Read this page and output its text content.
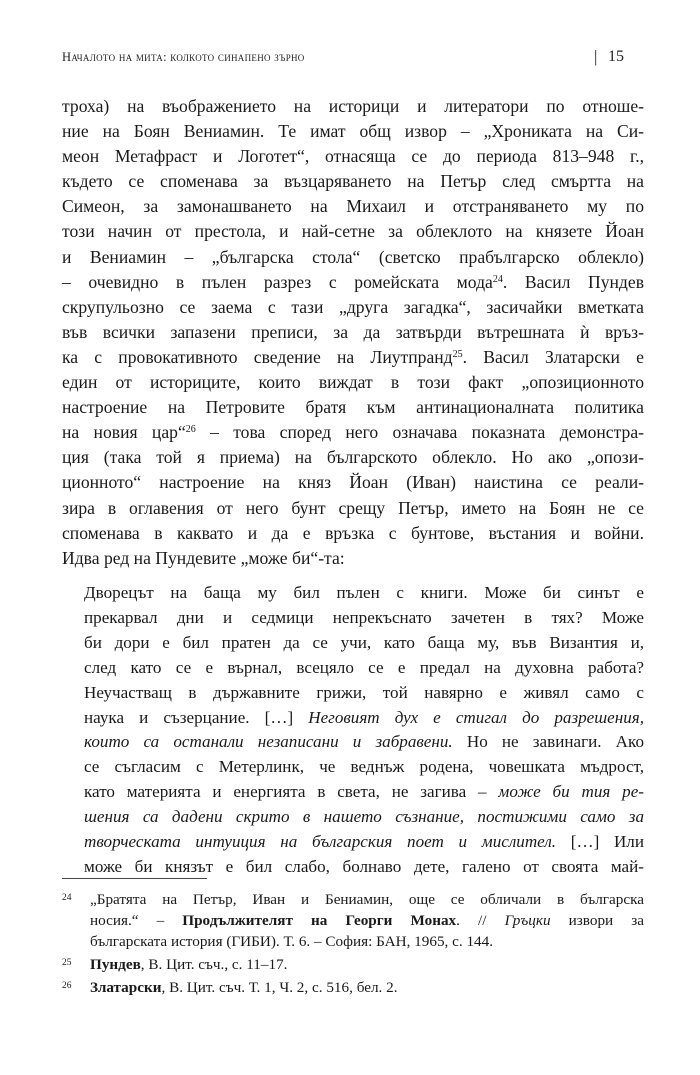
Началото на мита: колкото синапено зърно	| 15
троха) на въображението на историци и литератори по отноше-
ние на Боян Вениамин. Те имат общ извор – „Хрониката на Си-
меон Метафраст и Логотет“, отнасяща се до периода 813–948 г.,
където се споменава за възцаряването на Петър след смъртта на
Симеон, за замонашването на Михаил и отстраняването му по
този начин от престола, и най-сетне за облеклото на князете Йоан
и Вениамин – „българска стола“ (светско прабългарско облекло)
– очевидно в пълен разрез с ромейската мода$^{24}$. Васил Пундев
скрупульозно се заема с тази „друга загадка“, засичайки вметката
във всички запазени преписи, за да затвърди вътрешната ѝ връз-
ка с провокативното сведение на Лиутпранд$^{25}$. Васил Златарски е
един от историците, които виждат в този факт „опозиционното
настроение на Петровите братя към антинационалната политика
на новия цар“$^{26}$ – това според него означава показната демонстра-
ция (така той я приема) на българското облекло. Но ако „опози-
ционното“ настроение на княз Йоан (Иван) наистина се реали-
зира в оглавения от него бунт срещу Петър, името на Боян не се
споменава в каквато и да е връзка с бунтове, въстания и войни.
Идва ред на Пундевите „може би“-та:
Дворецът на баща му бил пълен с книги. Може би синът е
прекарвал дни и седмици непрекъснато зачетен в тях? Може
би дори е бил пратен да се учи, като баща му, във Византия и,
след като се е върнал, всецяло се е предал на духовна работа?
Неучастващ в държавните грижи, той навярно е живял само с
наука и съзерцание. […] Неговият дух е стигал до разрешения,
които са останали незаписани и забравени. Но не завинаги. Ако
се съгласим с Метерлинк, че веднъж родена, човешката мъдрост,
като материята и енергията в света, не загива – може би тия ре-
шения са дадени скрито в нашето съзнание, постижими само за
творческата интуиция на българския поет и мислител. […] Или
може би князът е бил слабо, болнаво дете, галено от своята май-
24 „Братята на Петър, Иван и Бениамин, още се обличали в българска
носия.“ – Продължителят на Георги Монах. // Гръцки извори за
българската история (ГИБИ). Т. 6. – София: БАН, 1965, с. 144.
25 Пундев, В. Цит. съч., с. 11–17.
26 Златарски, В. Цит. съч. Т. 1, Ч. 2, с. 516, бел. 2.
